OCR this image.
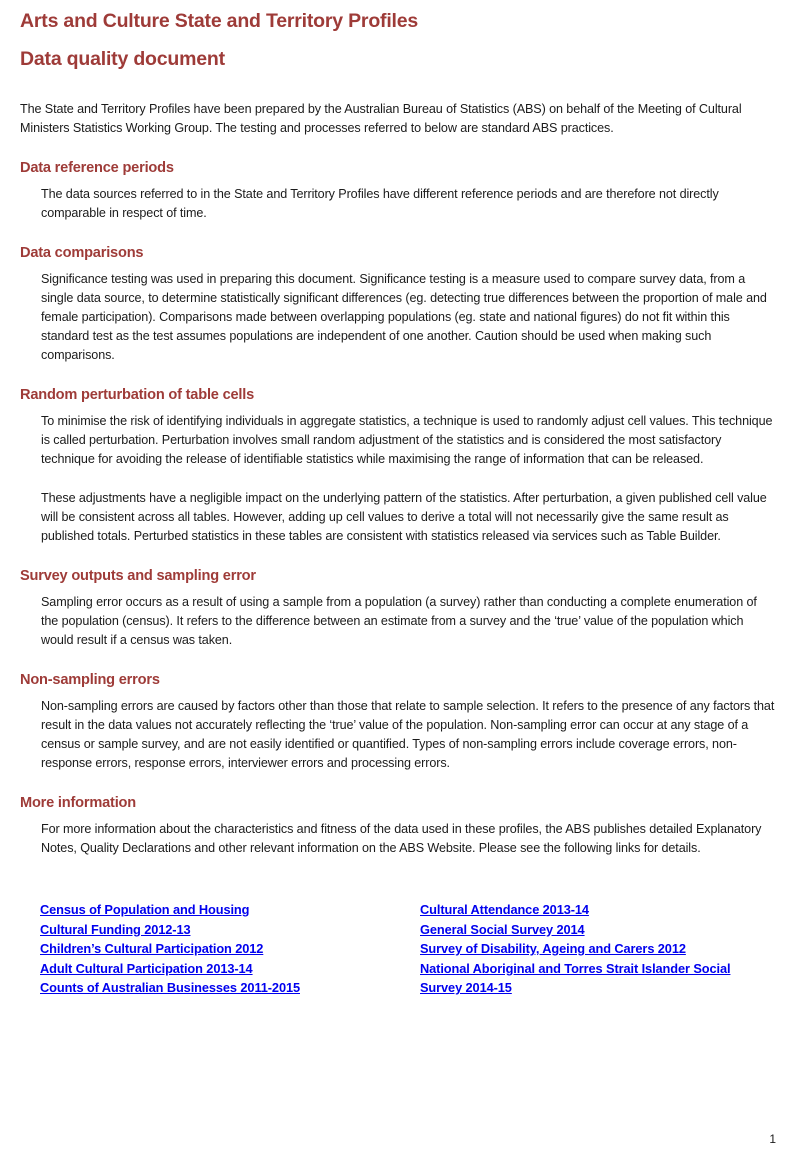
Arts and Culture State and Territory Profiles
Data quality document

The State and Territory Profiles have been prepared by the Australian Bureau of Statistics (ABS) on behalf of the Meeting of Cultural Ministers Statistics Working Group. The testing and processes referred to below are standard ABS practices.

Data reference periods

The data sources referred to in the State and Territory Profiles have different reference periods and are therefore not directly comparable in respect of time.

Data comparisons

Significance testing was used in preparing this document. Significance testing is a measure used to compare survey data, from a single data source, to determine statistically significant differences (eg. detecting true differences between the proportion of male and female participation). Comparisons made between overlapping populations (eg. state and national figures) do not fit within this standard test as the test assumes populations are independent of one another. Caution should be used when making such comparisons.

Random perturbation of table cells

To minimise the risk of identifying individuals in aggregate statistics, a technique is used to randomly adjust cell values. This technique is called perturbation. Perturbation involves small random adjustment of the statistics and is considered the most satisfactory technique for avoiding the release of identifiable statistics while maximising the range of information that can be released.

These adjustments have a negligible impact on the underlying pattern of the statistics. After perturbation, a given published cell value will be consistent across all tables. However, adding up cell values to derive a total will not necessarily give the same result as published totals. Perturbed statistics in these tables are consistent with statistics released via services such as Table Builder.

Survey outputs and sampling error

Sampling error occurs as a result of using a sample from a population (a survey) rather than conducting a complete enumeration of the population (census). It refers to the difference between an estimate from a survey and the ‘true’ value of the population which would result if a census was taken.

Non-sampling errors

Non-sampling errors are caused by factors other than those that relate to sample selection. It refers to the presence of any factors that result in the data values not accurately reflecting the ‘true’ value of the population. Non-sampling error can occur at any stage of a census or sample survey, and are not easily identified or quantified. Types of non-sampling errors include coverage errors, non-response errors, response errors, interviewer errors and processing errors.

More information

For more information about the characteristics and fitness of the data used in these profiles, the ABS publishes detailed Explanatory Notes, Quality Declarations and other relevant information on the ABS Website. Please see the following links for details.

Census of Population and Housing
Cultural Funding 2012-13
Children’s Cultural Participation 2012
Adult Cultural Participation 2013-14
Counts of Australian Businesses 2011-2015
Cultural Attendance 2013-14
General Social Survey 2014
Survey of Disability, Ageing and Carers 2012
National Aboriginal and Torres Strait Islander Social Survey 2014-15
1
